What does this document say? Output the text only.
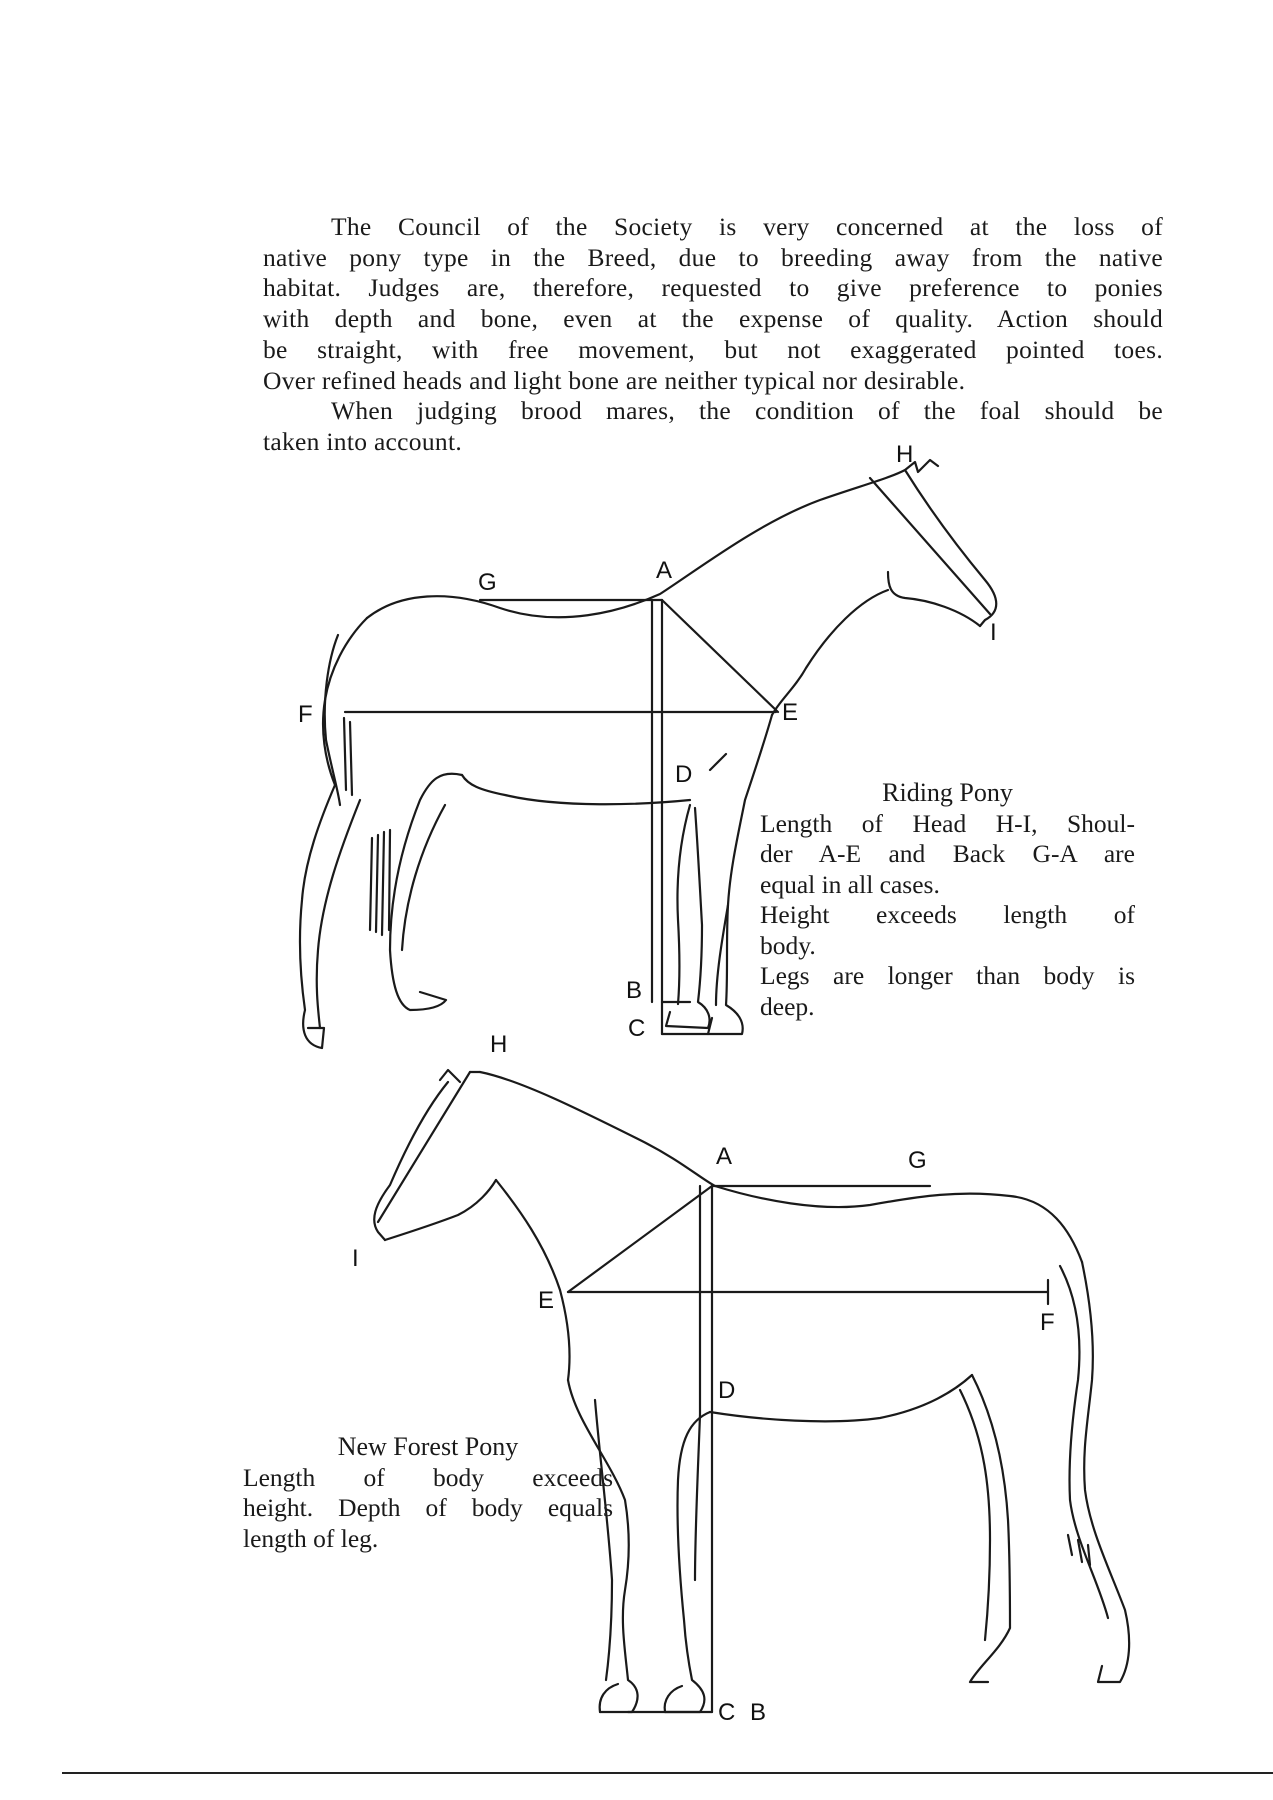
The Council of the Society is very concerned at the loss of

native pony type in the Breed, due to breeding away from the native

habitat. Judges are, therefore, requested to give preference to ponies

with depth and bone, even at the expense of quality. Action should

be straight, with free movement, but not exaggerated pointed toes.

Over refined heads and light bone are neither typical nor desirable.

When judging brood mares, the condition of the foal should be

taken into account.	H
A
G
I
E
F
D
B
C
H
A	G
I
E
F
D
C B
Riding Pony
Length of Head H-I, Shoul-
der A-E and Back G-A are
equal in all cases.
Height exceeds length of
body.
Legs are longer than body is
deep.
New Forest Pony
Length of body exceeds
height. Depth of body equals
length of leg.
